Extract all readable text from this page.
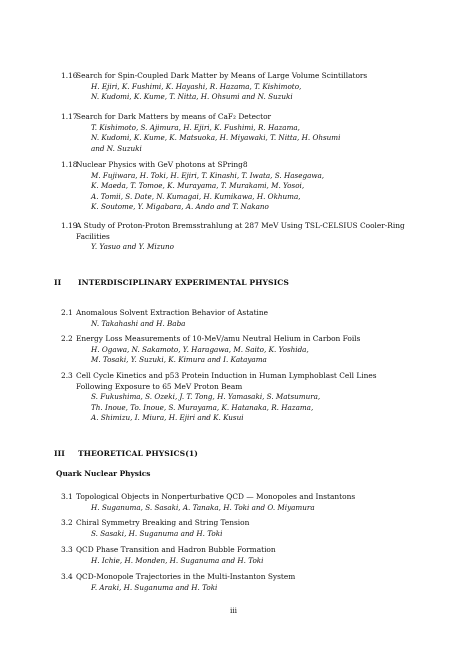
1.16
Search for Spin-Coupled Dark Matter by Means of Large Volume Scintillators
H. Ejiri, K. Fushimi, K. Hayashi, R. Hazama, T. Kishimoto,
N. Kudomi, K. Kume, T. Nitta, H. Ohsumi and N. Suzuki
1.17
Search for Dark Matters by means of CaF₂ Detector
T. Kishimoto, S. Ajimura, H. Ejiri, K. Fushimi, R. Hazama,
N. Kudomi, K. Kume, K. Matsuoka, H. Miyawaki, T. Nitta, H. Ohsumi
and N. Suzuki
1.18
Nuclear Physics with GeV photons at SPring8
M. Fujiwara, H. Toki, H. Ejiri, T. Kinashi, T. Iwata, S. Hasegawa,
K. Maeda, T. Tomoe, K. Murayama, T. Murakami, M. Yosoi,
A. Tomii, S. Date, N. Kumagai, H. Kumikawa, H. Okhuma,
K. Soutome, Y. Migabara, A. Ando and T. Nakano
1.19
A Study of Proton-Proton Bremsstrahlung at 287 MeV Using TSL-CELSIUS Cooler-Ring Facilities
Y. Yasuo and Y. Mizuno
II INTERDISCIPLINARY EXPERIMENTAL PHYSICS
2.1 Anomalous Solvent Extraction Behavior of Astatine
N. Takahashi and H. Baba
2.2 Energy Loss Measurements of 10-MeV/amu Neutral Helium in Carbon Foils
H. Ogawa, N. Sakamoto, Y. Haragawa, M. Saito, K. Yoshida,
M. Tosaki, Y. Suzuki, K. Kimura and I. Katayama
2.3 Cell Cycle Kinetics and p53 Protein Induction in Human Lymphoblast Cell Lines Following Exposure to 65 MeV Proton Beam
S. Fukushima, S. Ozeki, J. T. Tong, H. Yamasaki, S. Matsumura,
Th. Inoue, To. Inoue, S. Murayama, K. Hatanaka, R. Hazama,
A. Shimizu, I. Miura, H. Ejiri and K. Kusui
III THEORETICAL PHYSICS(1)
Quark Nuclear Physics
3.1 Topological Objects in Nonperturbative QCD — Monopoles and Instantons
H. Suganuma, S. Sasaki, A. Tanaka, H. Toki and O. Miyamura
3.2 Chiral Symmetry Breaking and String Tension
S. Sasaki, H. Suganuma and H. Toki
3.3 QCD Phase Transition and Hadron Bubble Formation
H. Ichie, H. Monden, H. Suganuma and H. Toki
3.4 QCD-Monopole Trajectories in the Multi-Instanton System
F. Araki, H. Suganuma and H. Toki
iii
